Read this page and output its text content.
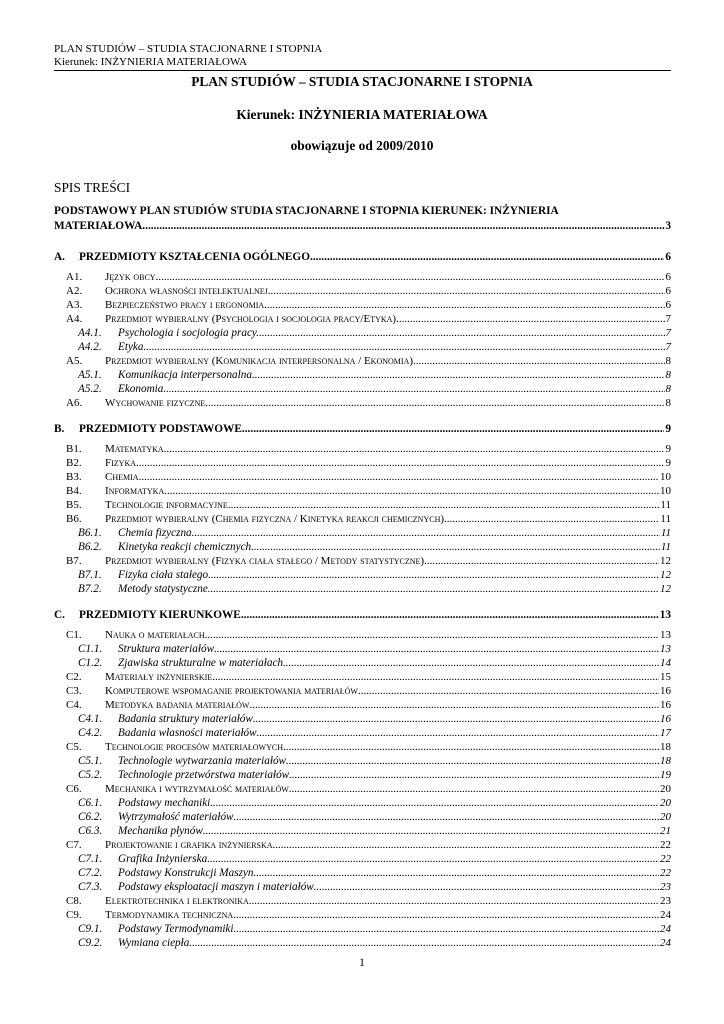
PLAN STUDIÓW – STUDIA STACJONARNE I STOPNIA
Kierunek: INŻYNIERIA MATERIAŁOWA
PLAN STUDIÓW – STUDIA STACJONARNE I STOPNIA
Kierunek: INŻYNIERIA MATERIAŁOWA
obowiązuje od 2009/2010
SPIS TREŚCI
PODSTAWOWY PLAN STUDIÓW STUDIA STACJONARNE I STOPNIA KIERUNEK: INŻYNIERIA
MATERIAŁOWA .....	3
A. PRZEDMIOTY KSZTAŁCENIA OGÓLNEGO .....	6
A1. Język obcy .....	6
A2. Ochrona własności intelektualnej .....	6
A3. Bezpieczeństwo pracy i ergonomia .....	6
A4. Przedmiot wybieralny (Psychologia i socjologia pracy/Etyka) .....	7
A4.1. Psychologia i socjologia pracy. .....	7
A4.2. Etyka .....	7
A5. Przedmiot wybieralny (Komunikacja interpersonalna / Ekonomia). .....	8
A5.1. Komunikacja interpersonalna .....	8
A5.2. Ekonomia .....	8
A6. Wychowanie fizyczne .....	8
B. PRZEDMIOTY PODSTAWOWE .....	9
B1. Matematyka .....	9
B2. Fizyka .....	9
B3. Chemia .....	10
B4. Informatyka .....	10
B5. Technologie informacyjne .....	11
B6. Przedmiot wybieralny (Chemia fizyczna / Kinetyka reakcji chemicznych) .....	11
B6.1. Chemia fizyczna .....	11
B6.2. Kinetyka reakcji chemicznych .....	11
B7. Przedmiot wybieralny (Fizyka ciała stałego / Metody statystyczne) .....	12
B7.1. Fizyka ciała stałego .....	12
B7.2. Metody statystyczne .....	12
C. PRZEDMIOTY KIERUNKOWE .....	13
C1. Nauka o materiałach .....	13
C1.1. Struktura materiałów .....	13
C1.2. Zjawiska strukturalne w materiałach .....	14
C2. Materiały inżynierskie .....	15
C3. Komputerowe wspomaganie projektowania materiałów .....	16
C4. Metodyka badania materiałów .....	16
C4.1. Badania struktury materiałów .....	16
C4.2. Badania własności materiałów .....	17
C5. Technologie procesów materiałowych .....	18
C5.1. Technologie wytwarzania materiałów .....	18
C5.2. Technologie przetwórstwa materiałów .....	19
C6. Mechanika i wytrzymałość materiałów .....	20
C6.1. Podstawy mechaniki .....	20
C6.2. Wytrzymałość materiałów .....	20
C6.3. Mechanika płynów .....	21
C7. Projektowanie i grafika inżynierska .....	22
C7.1. Grafika Inżynierska .....	22
C7.2. Podstawy Konstrukcji Maszyn .....	22
C7.3. Podstawy eksploatacji maszyn i materiałów .....	23
C8. Elektrotechnika i elektronika .....	23
C9. Termodynamika techniczna .....	24
C9.1. Podstawy Termodynamiki .....	24
C9.2. Wymiana ciepła .....	24
1
